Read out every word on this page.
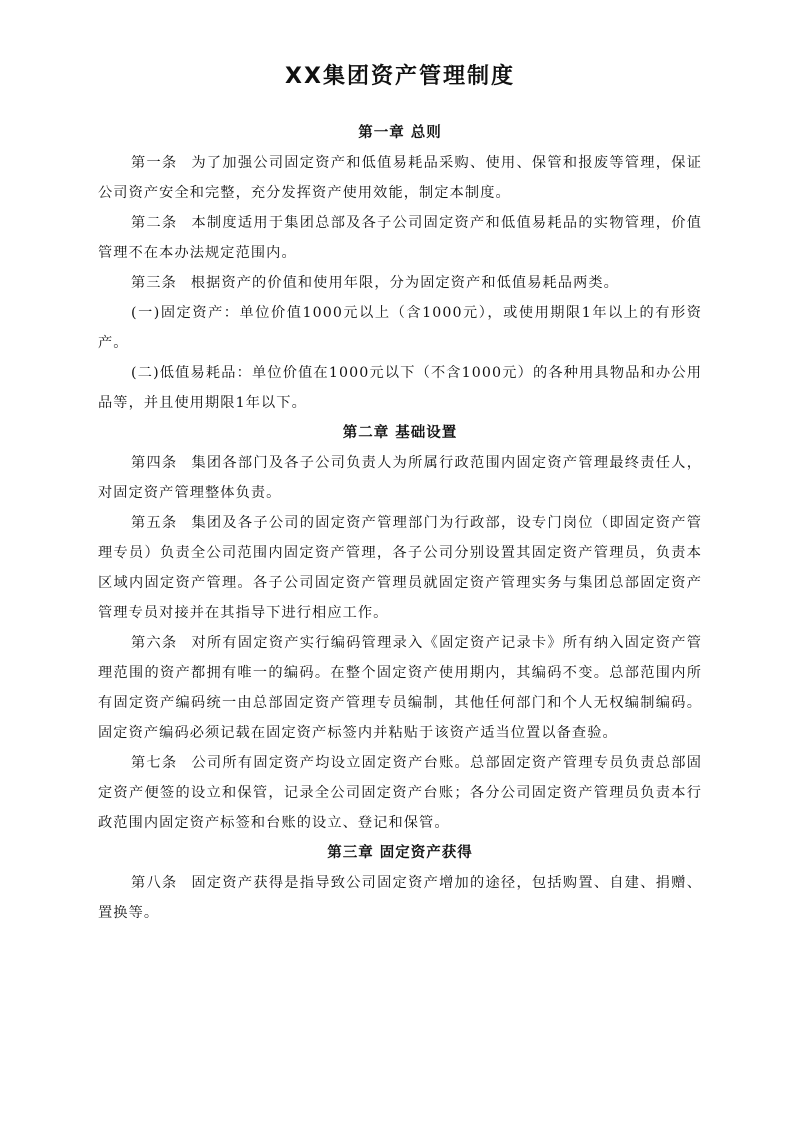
XX集团资产管理制度
第一章 总则

第一条 为了加强公司固定资产和低值易耗品采购、使用、保管和报废等管理，保证公司资产安全和完整，充分发挥资产使用效能，制定本制度。

第二条 本制度适用于集团总部及各子公司固定资产和低值易耗品的实物管理，价值管理不在本办法规定范围内。

第三条 根据资产的价值和使用年限，分为固定资产和低值易耗品两类。

(一)固定资产：单位价值1000元以上（含1000元），或使用期限1年以上的有形资产。

(二)低值易耗品：单位价值在1000元以下（不含1000元）的各种用具物品和办公用品等，并且使用期限1年以下。

第二章 基础设置

第四条 集团各部门及各子公司负责人为所属行政范围内固定资产管理最终责任人，对固定资产管理整体负责。

第五条 集团及各子公司的固定资产管理部门为行政部，设专门岗位（即固定资产管理专员）负责全公司范围内固定资产管理，各子公司分别设置其固定资产管理员，负责本区域内固定资产管理。各子公司固定资产管理员就固定资产管理实务与集团总部固定资产管理专员对接并在其指导下进行相应工作。

第六条 对所有固定资产实行编码管理录入《固定资产记录卡》所有纳入固定资产管理范围的资产都拥有唯一的编码。在整个固定资产使用期内，其编码不变。总部范围内所有固定资产编码统一由总部固定资产管理专员编制，其他任何部门和个人无权编制编码。固定资产编码必须记载在固定资产标签内并粘贴于该资产适当位置以备查验。

第七条 公司所有固定资产均设立固定资产台账。总部固定资产管理专员负责总部固定资产便签的设立和保管，记录全公司固定资产台账；各分公司固定资产管理员负责本行政范围内固定资产标签和台账的设立、登记和保管。

第三章 固定资产获得

第八条 固定资产获得是指导致公司固定资产增加的途径，包括购置、自建、捐赠、置换等。
